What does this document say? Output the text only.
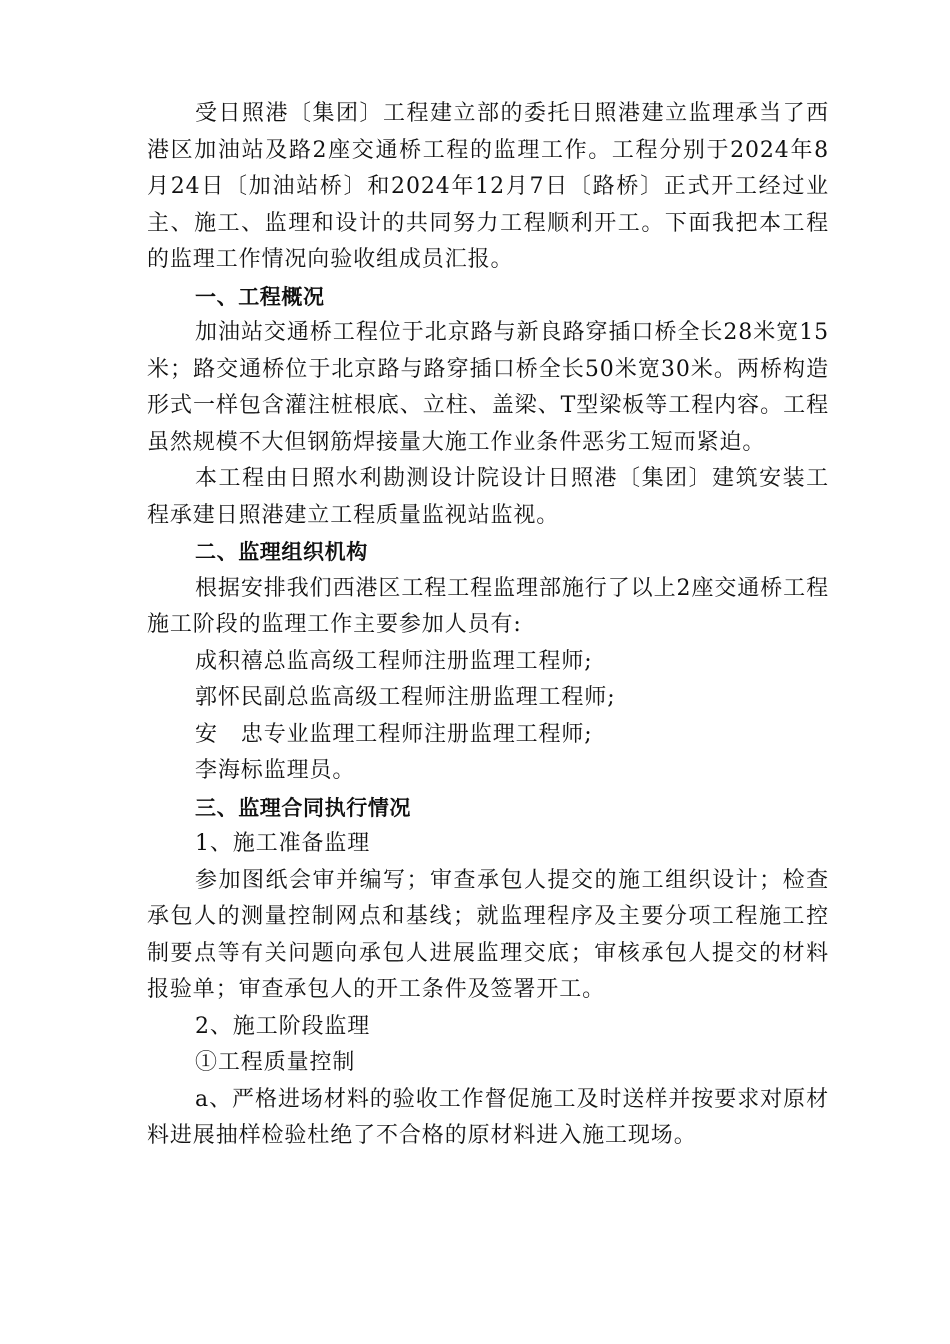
受日照港〔集团〕工程建立部的委托日照港建立监理承当了西港区加油站及路2座交通桥工程的监理工作。工程分别于2024年8月24日〔加油站桥〕和2024年12月7日〔路桥〕正式开工经过业主、施工、监理和设计的共同努力工程顺利开工。下面我把本工程的监理工作情况向验收组成员汇报。

一、工程概况

加油站交通桥工程位于北京路与新良路穿插口桥全长28米宽15米；路交通桥位于北京路与路穿插口桥全长50米宽30米。两桥构造形式一样包含灌注桩根底、立柱、盖梁、T型梁板等工程内容。工程虽然规模不大但钢筋焊接量大施工作业条件恶劣工短而紧迫。

本工程由日照水利勘测设计院设计日照港〔集团〕建筑安装工程承建日照港建立工程质量监视站监视。

二、监理组织机构

根据安排我们西港区工程工程监理部施行了以上2座交通桥工程施工阶段的监理工作主要参加人员有:

成积禧总监高级工程师注册监理工程师;

郭怀民副总监高级工程师注册监理工程师;

安　忠专业监理工程师注册监理工程师;

李海标监理员。

三、监理合同执行情况

1、施工准备监理

参加图纸会审并编写；审查承包人提交的施工组织设计；检查承包人的测量控制网点和基线；就监理程序及主要分项工程施工控制要点等有关问题向承包人进展监理交底；审核承包人提交的材料报验单；审查承包人的开工条件及签署开工。

2、施工阶段监理

①工程质量控制

a、严格进场材料的验收工作督促施工及时送样并按要求对原材料进展抽样检验杜绝了不合格的原材料进入施工现场。
